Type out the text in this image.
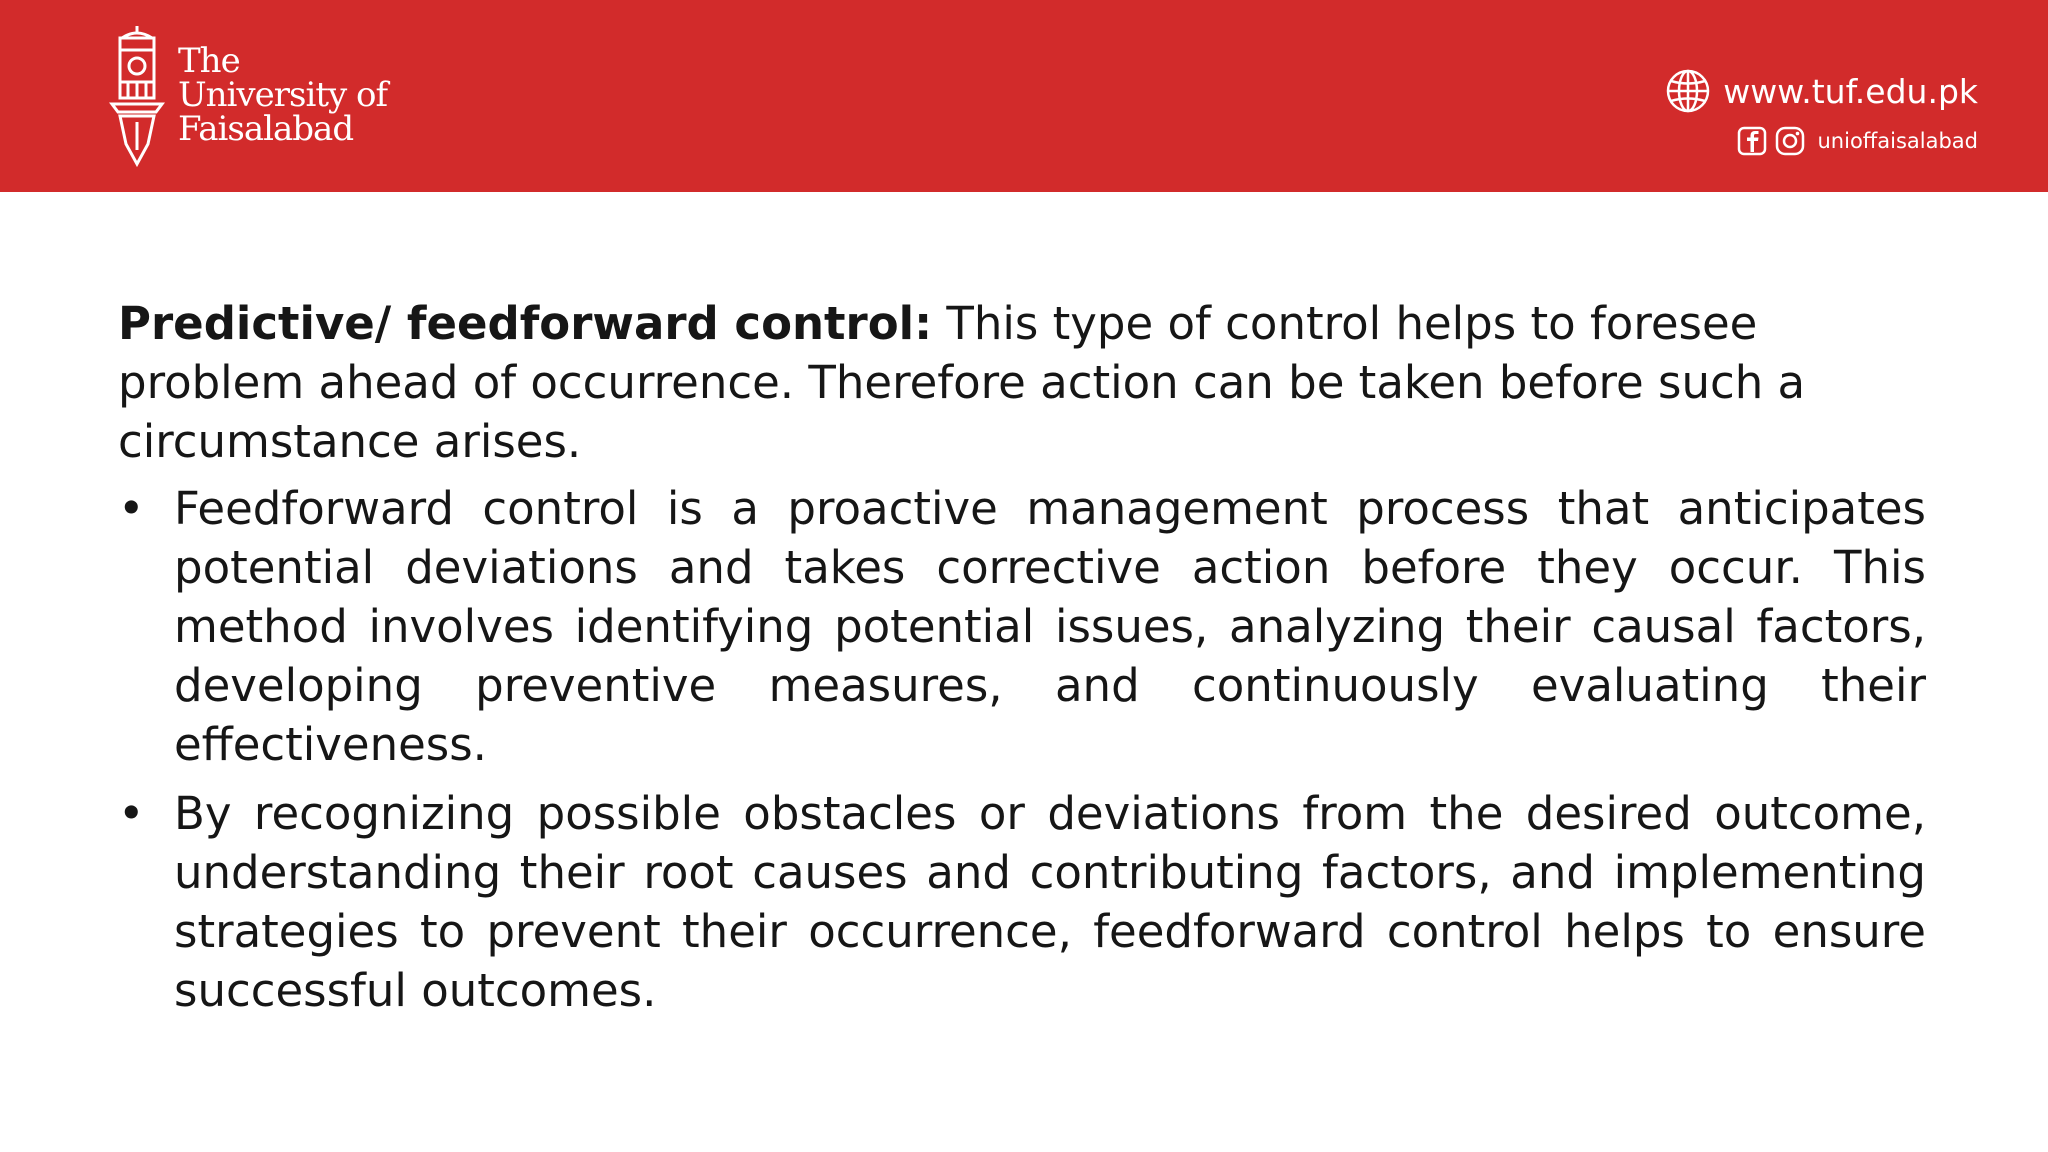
The
University of
Faisalabad
www.tuf.edu.pk
unioffaisalabad

Predictive/ feedforward control: This type of control helps to foresee problem ahead of occurrence. Therefore action can be taken before such a circumstance arises.

• Feedforward control is a proactive management process that anticipates potential deviations and takes corrective action before they occur. This method involves identifying potential issues, analyzing their causal factors, developing preventive measures, and continuously evaluating their effectiveness.
• By recognizing possible obstacles or deviations from the desired outcome, understanding their root causes and contributing factors, and implementing strategies to prevent their occurrence, feedforward control helps to ensure successful outcomes.
